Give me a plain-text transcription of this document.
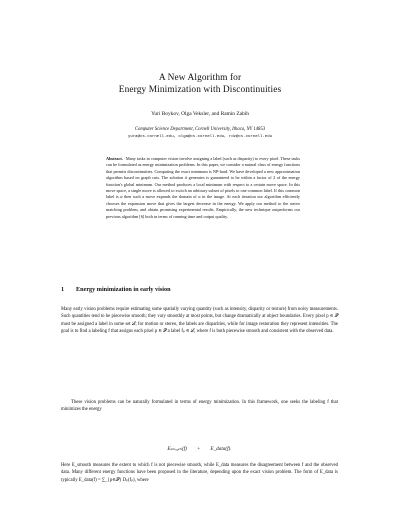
A New Algorithm for
Energy Minimization with Discontinuities
Yuri Boykov, Olga Veksler, and Ramin Zabih
Computer Science Department, Cornell University, Ithaca, NY 14853
yura@cs.cornell.edu, olga@cs.cornell.edu, rdz@cs.cornell.edu

Abstract. Many tasks in computer vision involve assigning a label (such as disparity) to every pixel. These tasks can be formulated as energy minimization problems. In this paper, we consider a natural class of energy functions that permits discontinuities. Computing the exact minimum is NP-hard. We have developed a new approximation algorithm based on graph cuts. The solution it generates is guaranteed to be within a factor of 2 of the energy function's global minimum. Our method produces a local minimum with respect to a certain move space. In this move space, a single move is allowed to switch an arbitrary subset of pixels to one common label. If this common label is α then such a move expands the domain of α in the image. At each iteration our algorithm efficiently chooses the expansion move that gives the largest decrease in the energy. We apply our method to the stereo matching problem, and obtain promising experimental results. Empirically, the new technique outperforms our previous algorithm [6] both in terms of running time and output quality.

1 Energy minimization in early vision

Many early vision problems require estimating some spatially varying quantity (such as intensity, disparity or texture) from noisy measurements. Such quantities tend to be piecewise smooth; they vary smoothly at most points, but change dramatically at object boundaries. Every pixel p ∈ 𝒫 must be assigned a label in some set ℒ; for motion or stereo, the labels are disparities, while for image restoration they represent intensities. The goal is to find a labeling f that assigns each pixel p ∈ 𝒫 a label fₚ ∈ ℒ, where f is both piecewise smooth and consistent with the observed data.

These vision problems can be naturally formulated in terms of energy minimization. In this framework, one seeks the labeling f that minimizes the energy

Eₛₘₒₒₜₕ(f) + E_data(f).

Here E_smooth measures the extent to which f is not piecewise smooth, while E_data measures the disagreement between f and the observed data. Many different energy functions have been proposed in the literature, depending upon the exact vision problem. The form of E_data is typically E_data(f) = ∑_{p∈𝒫} Dₚ(fₚ), where
